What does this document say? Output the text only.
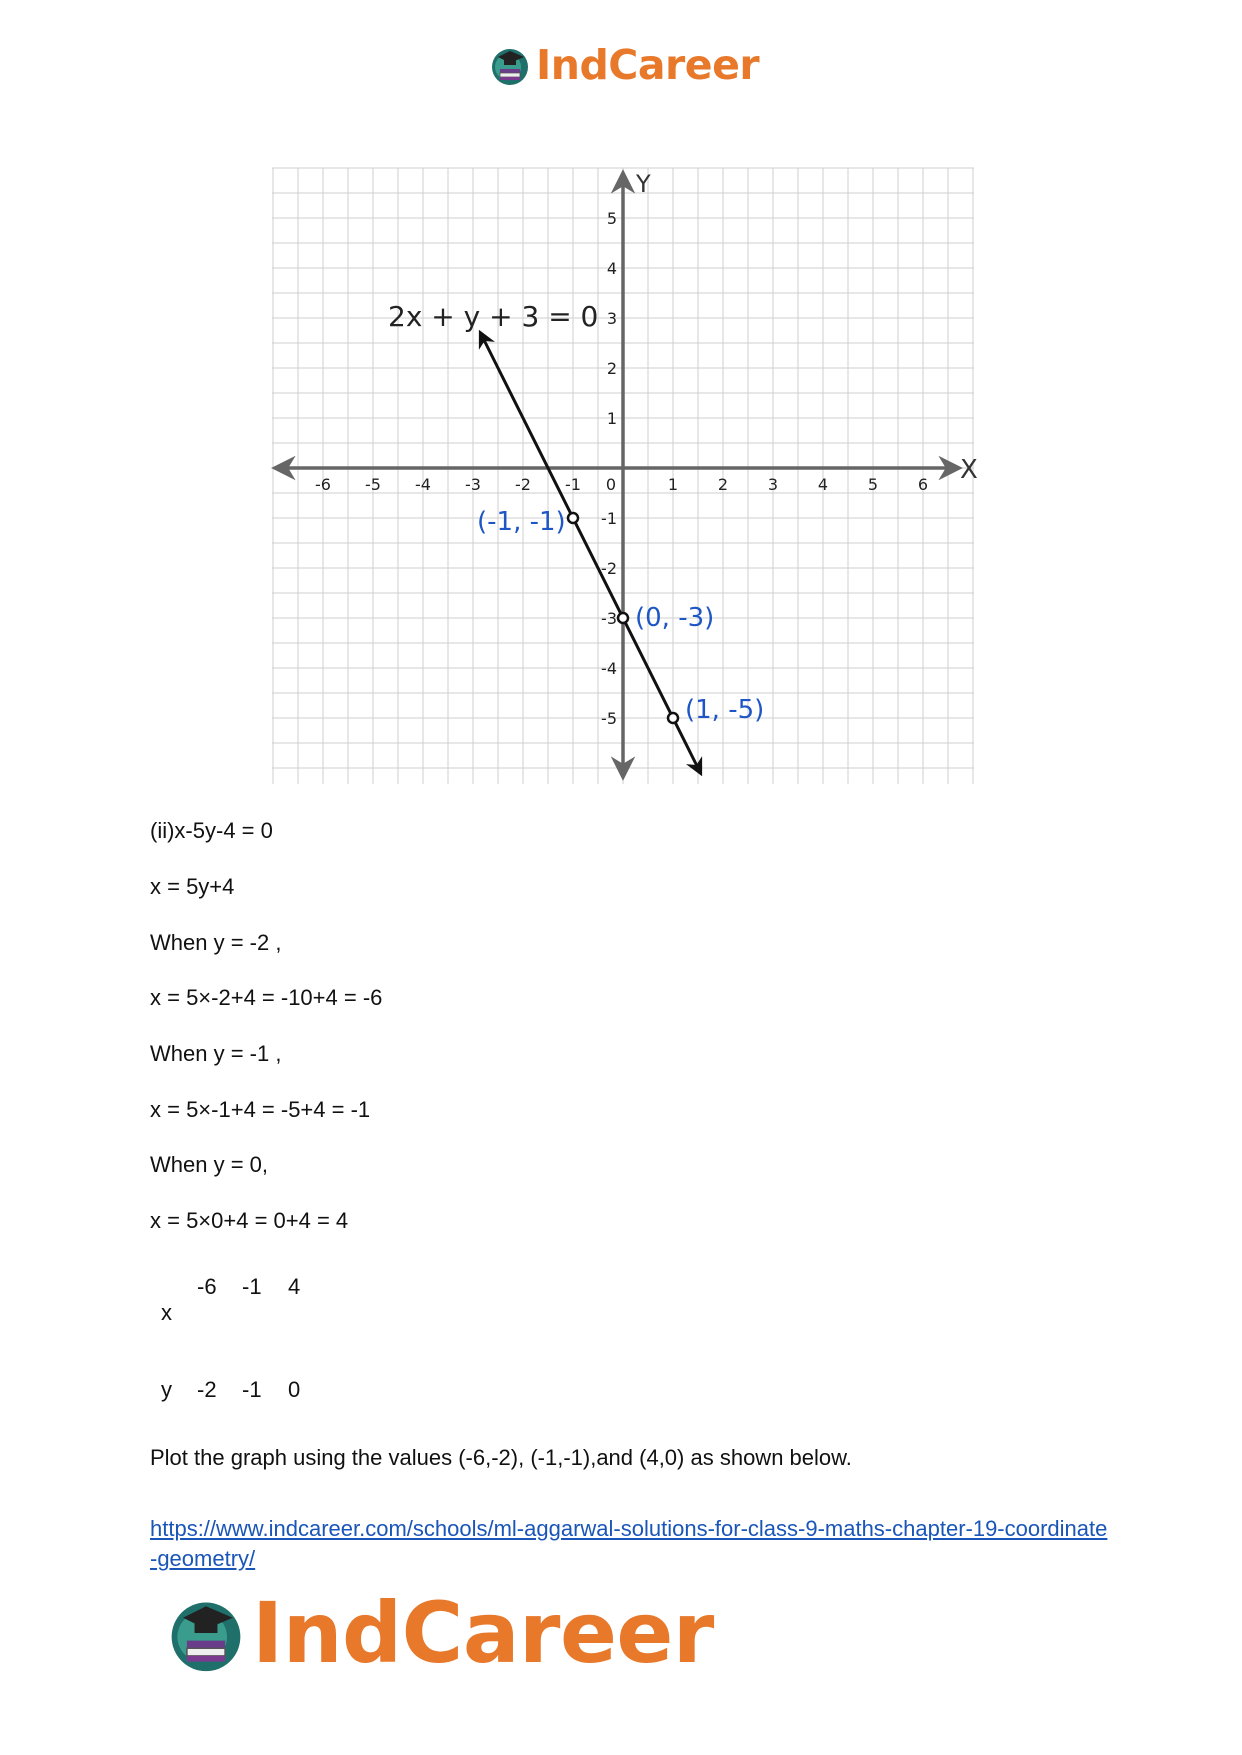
IndCareer
X
Y
-6 -5 -4 -3 -2 -1 0	1 2 3 4 5 6
-5
-4
-3
-2
-1
1
2
3
4
5
2x + y + 3 = 0
(-1, -1)
(0, -3)
(1, -5)
(ii)x-5y-4 = 0
x = 5y+4
When y = -2 ,
x = 5×-2+4 = -10+4 = -6
When y = -1 ,
x = 5×-1+4 = -5+4 = -1
When y = 0,
x = 5×0+4 = 0+4 = 4
x
-6 -1 4
y -2 -1 0
Plot the graph using the values (-6,-2), (-1,-1),and (4,0) as shown below.
https://www.indcareer.com/schools/ml-aggarwal-solutions-for-class-9-maths-chapter-19-coordinate-geometry/
IndCareer
